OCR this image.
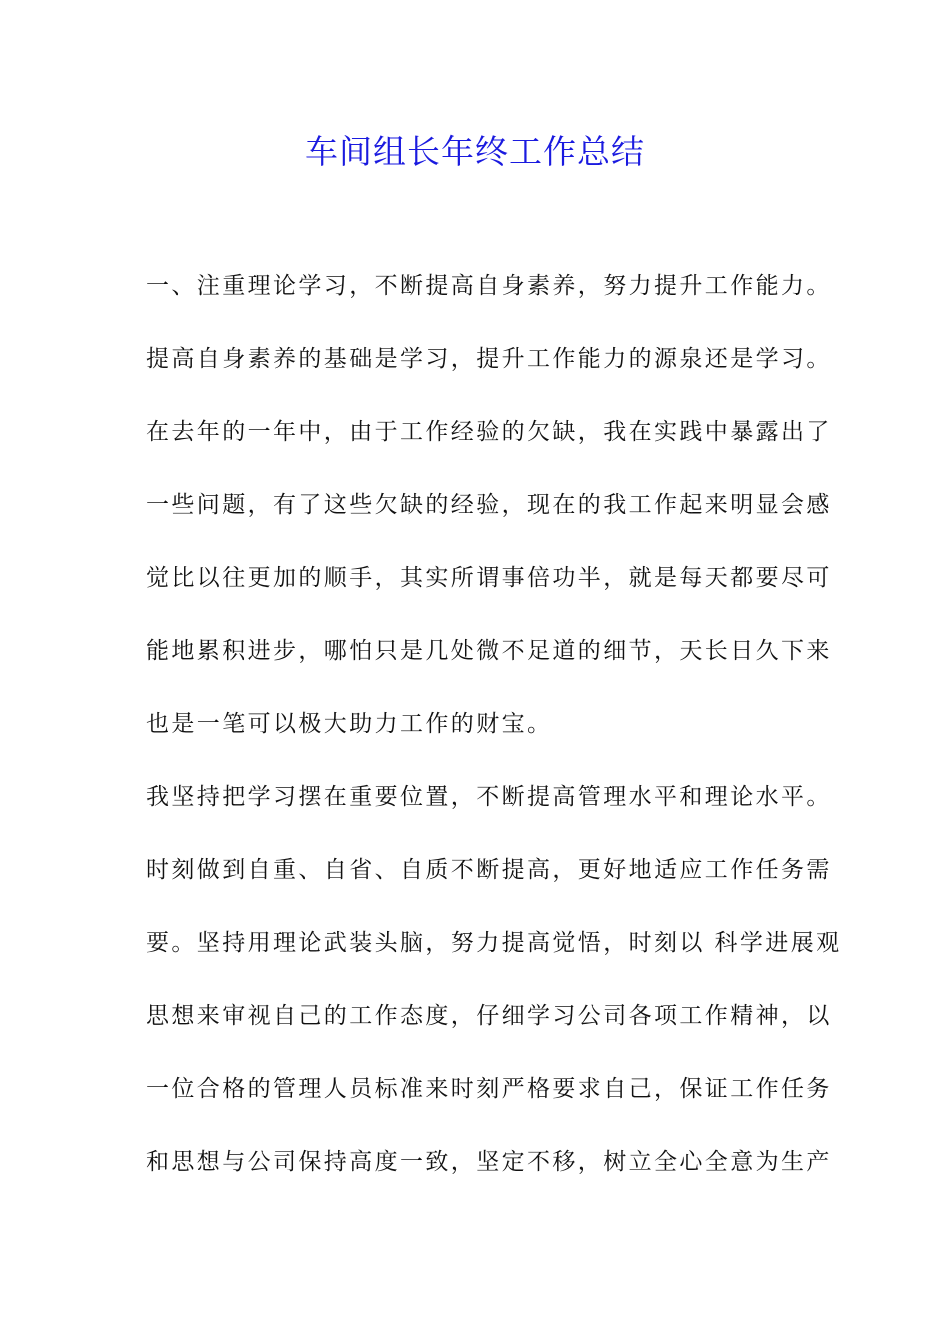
车间组长年终工作总结
一、注重理论学习，不断提高自身素养，努力提升工作能力。
提高自身素养的基础是学习，提升工作能力的源泉还是学习。
在去年的一年中，由于工作经验的欠缺，我在实践中暴露出了
一些问题，有了这些欠缺的经验，现在的我工作起来明显会感
觉比以往更加的顺手，其实所谓事倍功半，就是每天都要尽可
能地累积进步，哪怕只是几处微不足道的细节，天长日久下来
也是一笔可以极大助力工作的财宝。
我坚持把学习摆在重要位置，不断提高管理水平和理论水平。
时刻做到自重、自省、自质不断提高，更好地适应工作任务需
要。坚持用理论武装头脑，努力提高觉悟，时刻以 科学进展观
思想来审视自己的工作态度，仔细学习公司各项工作精神，以
一位合格的管理人员标准来时刻严格要求自己，保证工作任务
和思想与公司保持高度一致，坚定不移，树立全心全意为生产
